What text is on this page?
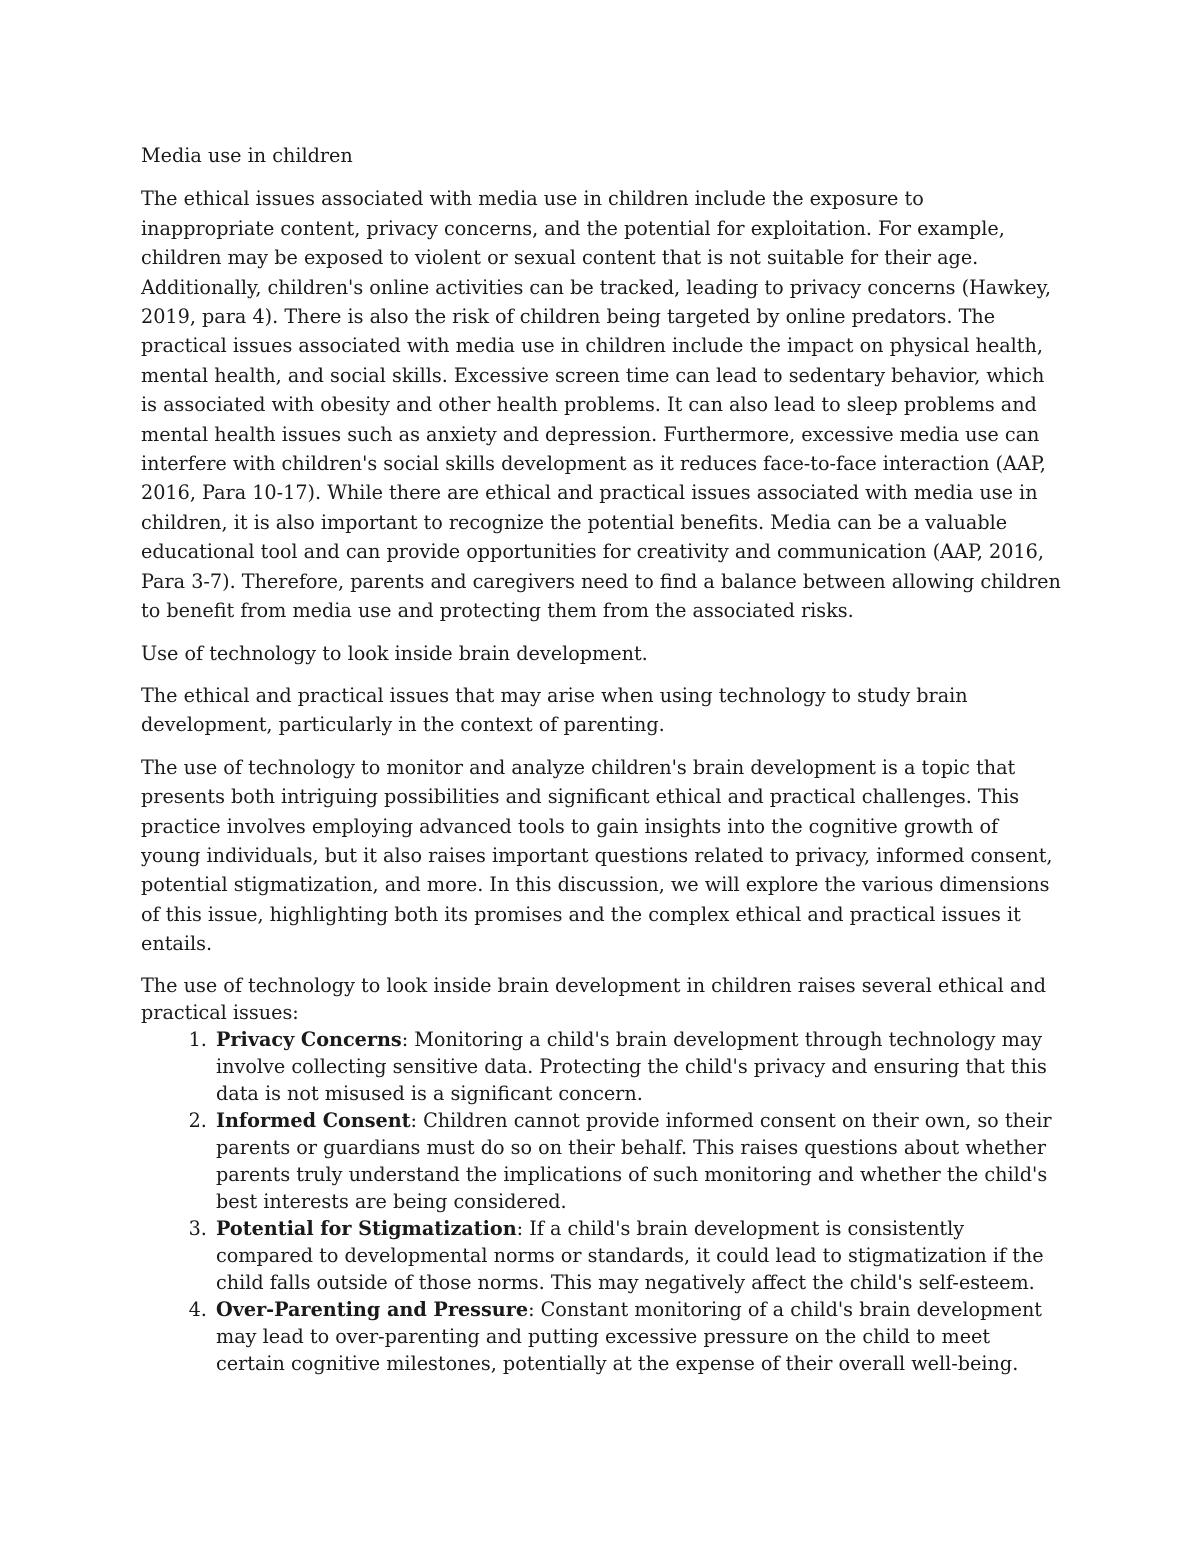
Media use in children

The ethical issues associated with media use in children include the exposure to inappropriate content, privacy concerns, and the potential for exploitation. For example, children may be exposed to violent or sexual content that is not suitable for their age. Additionally, children's online activities can be tracked, leading to privacy concerns (Hawkey, 2019, para 4). There is also the risk of children being targeted by online predators. The practical issues associated with media use in children include the impact on physical health, mental health, and social skills. Excessive screen time can lead to sedentary behavior, which is associated with obesity and other health problems. It can also lead to sleep problems and mental health issues such as anxiety and depression. Furthermore, excessive media use can interfere with children's social skills development as it reduces face-to-face interaction (AAP, 2016, Para 10-17). While there are ethical and practical issues associated with media use in children, it is also important to recognize the potential benefits. Media can be a valuable educational tool and can provide opportunities for creativity and communication (AAP, 2016, Para 3-7). Therefore, parents and caregivers need to find a balance between allowing children to benefit from media use and protecting them from the associated risks.

Use of technology to look inside brain development.

The ethical and practical issues that may arise when using technology to study brain development, particularly in the context of parenting.

The use of technology to monitor and analyze children's brain development is a topic that presents both intriguing possibilities and significant ethical and practical challenges. This practice involves employing advanced tools to gain insights into the cognitive growth of young individuals, but it also raises important questions related to privacy, informed consent, potential stigmatization, and more. In this discussion, we will explore the various dimensions of this issue, highlighting both its promises and the complex ethical and practical issues it entails.

The use of technology to look inside brain development in children raises several ethical and practical issues:

1. Privacy Concerns: Monitoring a child's brain development through technology may involve collecting sensitive data. Protecting the child's privacy and ensuring that this data is not misused is a significant concern.
2. Informed Consent: Children cannot provide informed consent on their own, so their parents or guardians must do so on their behalf. This raises questions about whether parents truly understand the implications of such monitoring and whether the child's best interests are being considered.
3. Potential for Stigmatization: If a child's brain development is consistently compared to developmental norms or standards, it could lead to stigmatization if the child falls outside of those norms. This may negatively affect the child's self-esteem.
4. Over-Parenting and Pressure: Constant monitoring of a child's brain development may lead to over-parenting and putting excessive pressure on the child to meet certain cognitive milestones, potentially at the expense of their overall well-being.
